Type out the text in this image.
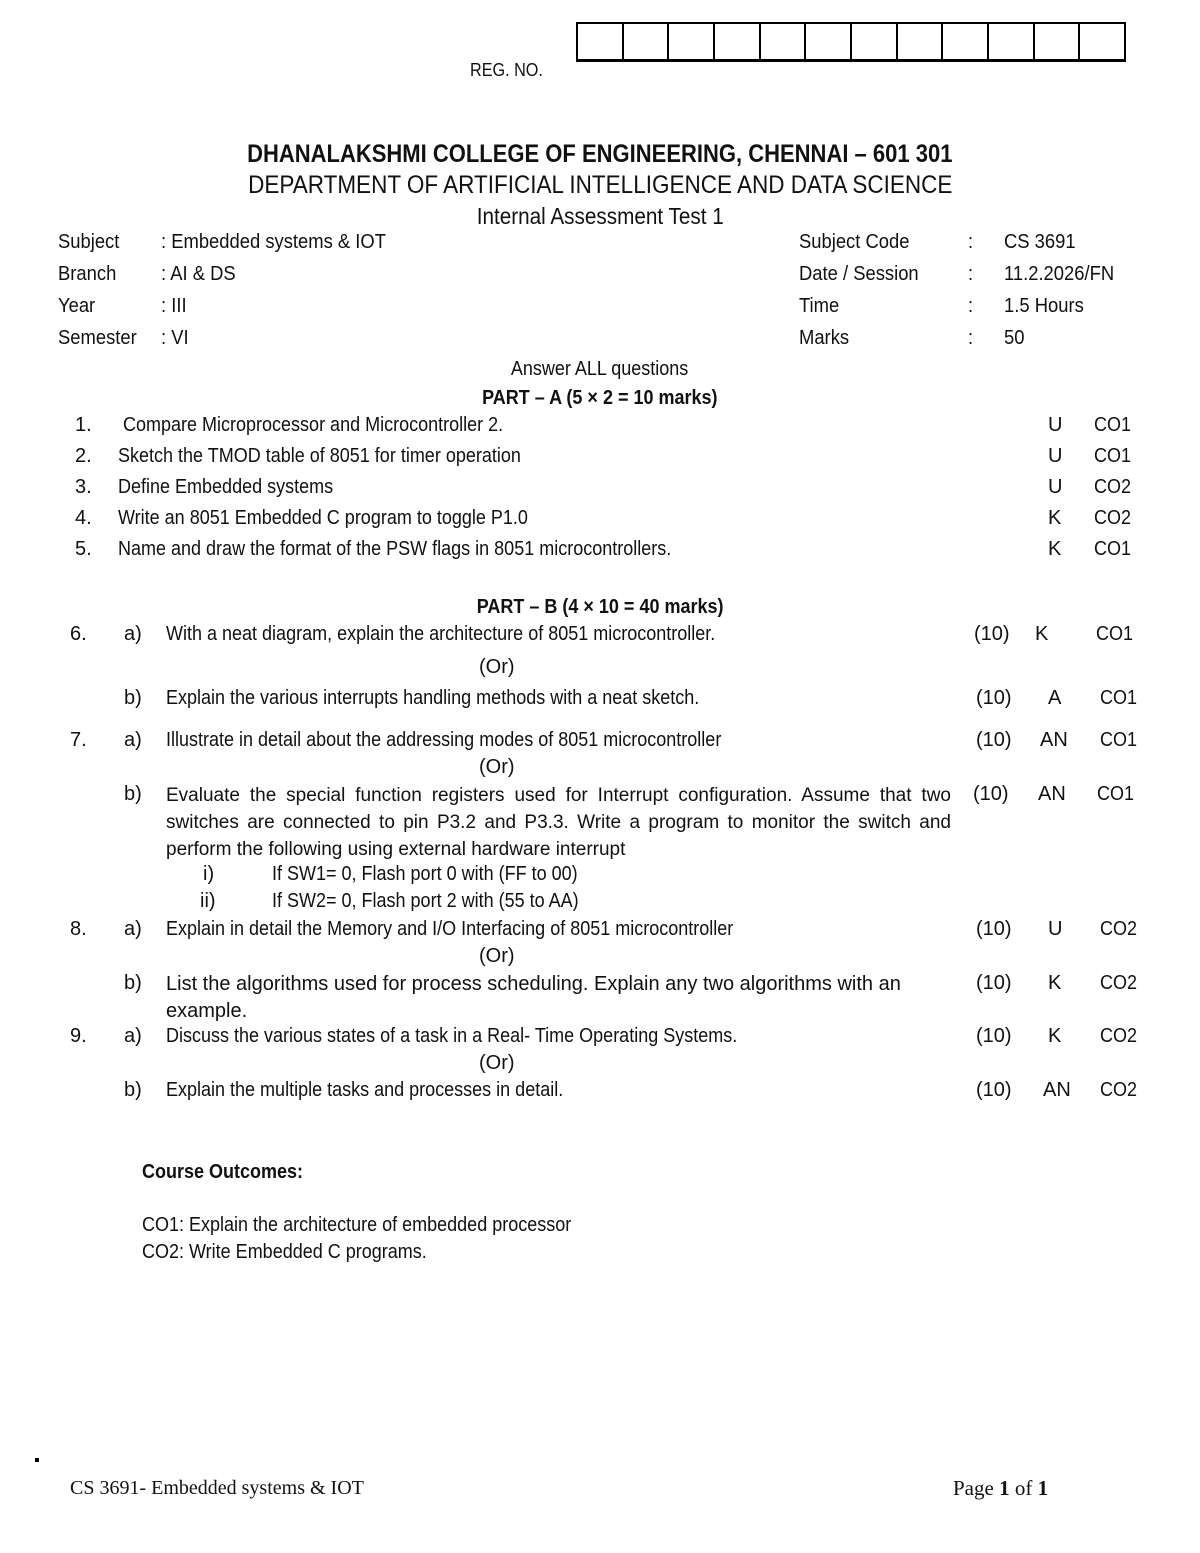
REG. NO.
DHANALAKSHMI COLLEGE OF ENGINEERING, CHENNAI – 601 301
DEPARTMENT OF ARTIFICIAL INTELLIGENCE AND DATA SCIENCE
Internal Assessment Test 1
Subject : Embedded systems & IOT
Branch : AI & DS
Year	: III
Semester	: VI
Subject Code	: CS 3691
Date / Session	: 11.2.2026/FN
Time	: 1.5 Hours
Marks	: 50
Answer ALL questions
PART – A (5 × 2 = 10 marks)
1. Compare Microprocessor and Microcontroller 2.	U CO1
2. Sketch the TMOD table of 8051 for timer operation	U CO1
3. Define Embedded systems	U CO2
4. Write an 8051 Embedded C program to toggle P1.0	K CO2
5. Name and draw the format of the PSW flags in 8051 microcontrollers.	K CO1
PART – B (4 × 10 = 40 marks)
6. a) With a neat diagram, explain the architecture of 8051 microcontroller.	(10) K CO1
(Or)
b) Explain the various interrupts handling methods with a neat sketch.	(10) A CO1
7. a) Illustrate in detail about the addressing modes of 8051 microcontroller	(10) AN CO1
(Or)
b) Evaluate the special function registers used for Interrupt configuration. Assume that two switches are connected to pin P3.2 and P3.3. Write a program to monitor the switch and perform the following using external hardware interrupt
(10) AN CO1
i)	If SW1= 0, Flash port 0 with (FF to 00)
ii)	If SW2= 0, Flash port 2 with (55 to AA)
8. a) Explain in detail the Memory and I/O Interfacing of 8051 microcontroller	(10) U CO2
(Or)
b) List the algorithms used for process scheduling. Explain any two algorithms with an example.
(10) K CO2
9. a) Discuss the various states of a task in a Real- Time Operating Systems.	(10) K CO2
(Or)
b) Explain the multiple tasks and processes in detail.	(10) AN CO2
Course Outcomes:
CO1: Explain the architecture of embedded processor
CO2: Write Embedded C programs.
CS 3691- Embedded systems & IOT	Page 1 of 1
